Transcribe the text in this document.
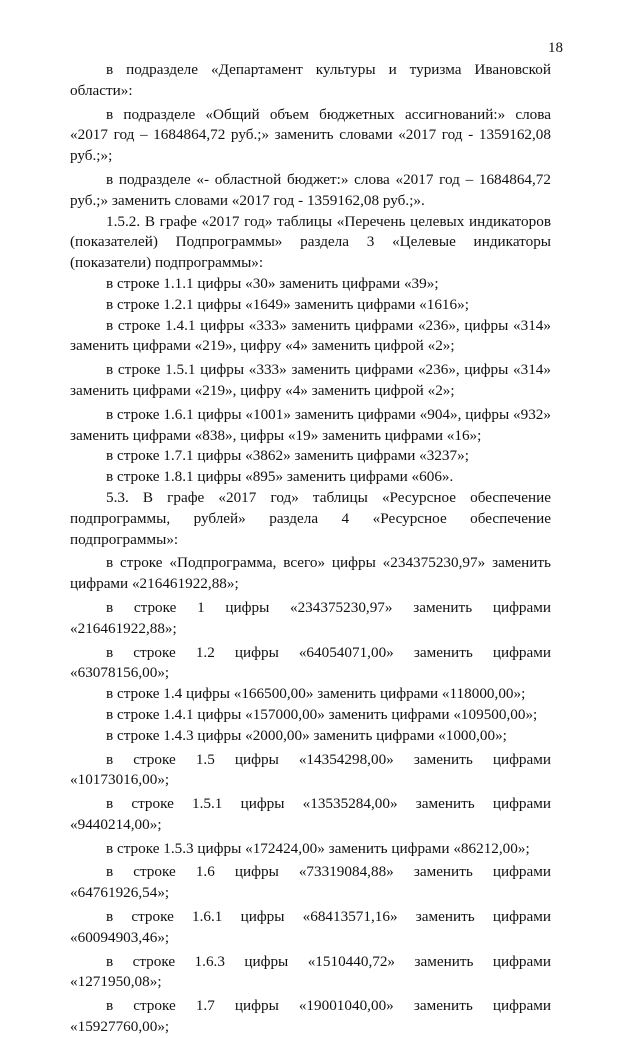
18

в подразделе «Департамент культуры и туризма Ивановской области»:

в подразделе «Общий объем бюджетных ассигнований:» слова «2017 год – 1684864,72 руб.;» заменить словами «2017 год - 1359162,08 руб.;»;

в подразделе «- областной бюджет:» слова «2017 год – 1684864,72 руб.;» заменить словами «2017 год - 1359162,08 руб.;».

1.5.2. В графе «2017 год» таблицы «Перечень целевых индикаторов (показателей) Подпрограммы» раздела 3 «Целевые индикаторы (показатели) подпрограммы»:

в строке 1.1.1 цифры «30» заменить цифрами «39»;

в строке 1.2.1 цифры «1649» заменить цифрами «1616»;

в строке 1.4.1 цифры «333» заменить цифрами «236», цифры «314» заменить цифрами «219», цифру «4» заменить цифрой «2»;

в строке 1.5.1 цифры «333» заменить цифрами «236», цифры «314» заменить цифрами «219», цифру «4» заменить цифрой «2»;

в строке 1.6.1 цифры «1001» заменить цифрами «904», цифры «932» заменить цифрами «838», цифры «19» заменить цифрами «16»;

в строке 1.7.1 цифры «3862» заменить цифрами «3237»;

в строке 1.8.1 цифры «895» заменить цифрами «606».

5.3. В графе «2017 год» таблицы «Ресурсное обеспечение подпрограммы, рублей» раздела 4 «Ресурсное обеспечение подпрограммы»:

в строке «Подпрограмма, всего» цифры «234375230,97» заменить цифрами «216461922,88»;

в строке 1 цифры «234375230,97» заменить цифрами «216461922,88»;

в строке 1.2 цифры «64054071,00» заменить цифрами «63078156,00»;

в строке 1.4 цифры «166500,00» заменить цифрами «118000,00»;

в строке 1.4.1 цифры «157000,00» заменить цифрами «109500,00»;

в строке 1.4.3 цифры «2000,00» заменить цифрами «1000,00»;

в строке 1.5 цифры «14354298,00» заменить цифрами «10173016,00»;

в строке 1.5.1 цифры «13535284,00» заменить цифрами «9440214,00»;

в строке 1.5.3 цифры «172424,00» заменить цифрами «86212,00»;

в строке 1.6 цифры «73319084,88» заменить цифрами «64761926,54»;

в строке 1.6.1 цифры «68413571,16» заменить цифрами «60094903,46»;

в строке 1.6.3 цифры «1510440,72» заменить цифрами «1271950,08»;

в строке 1.7 цифры «19001040,00» заменить цифрами «15927760,00»;
